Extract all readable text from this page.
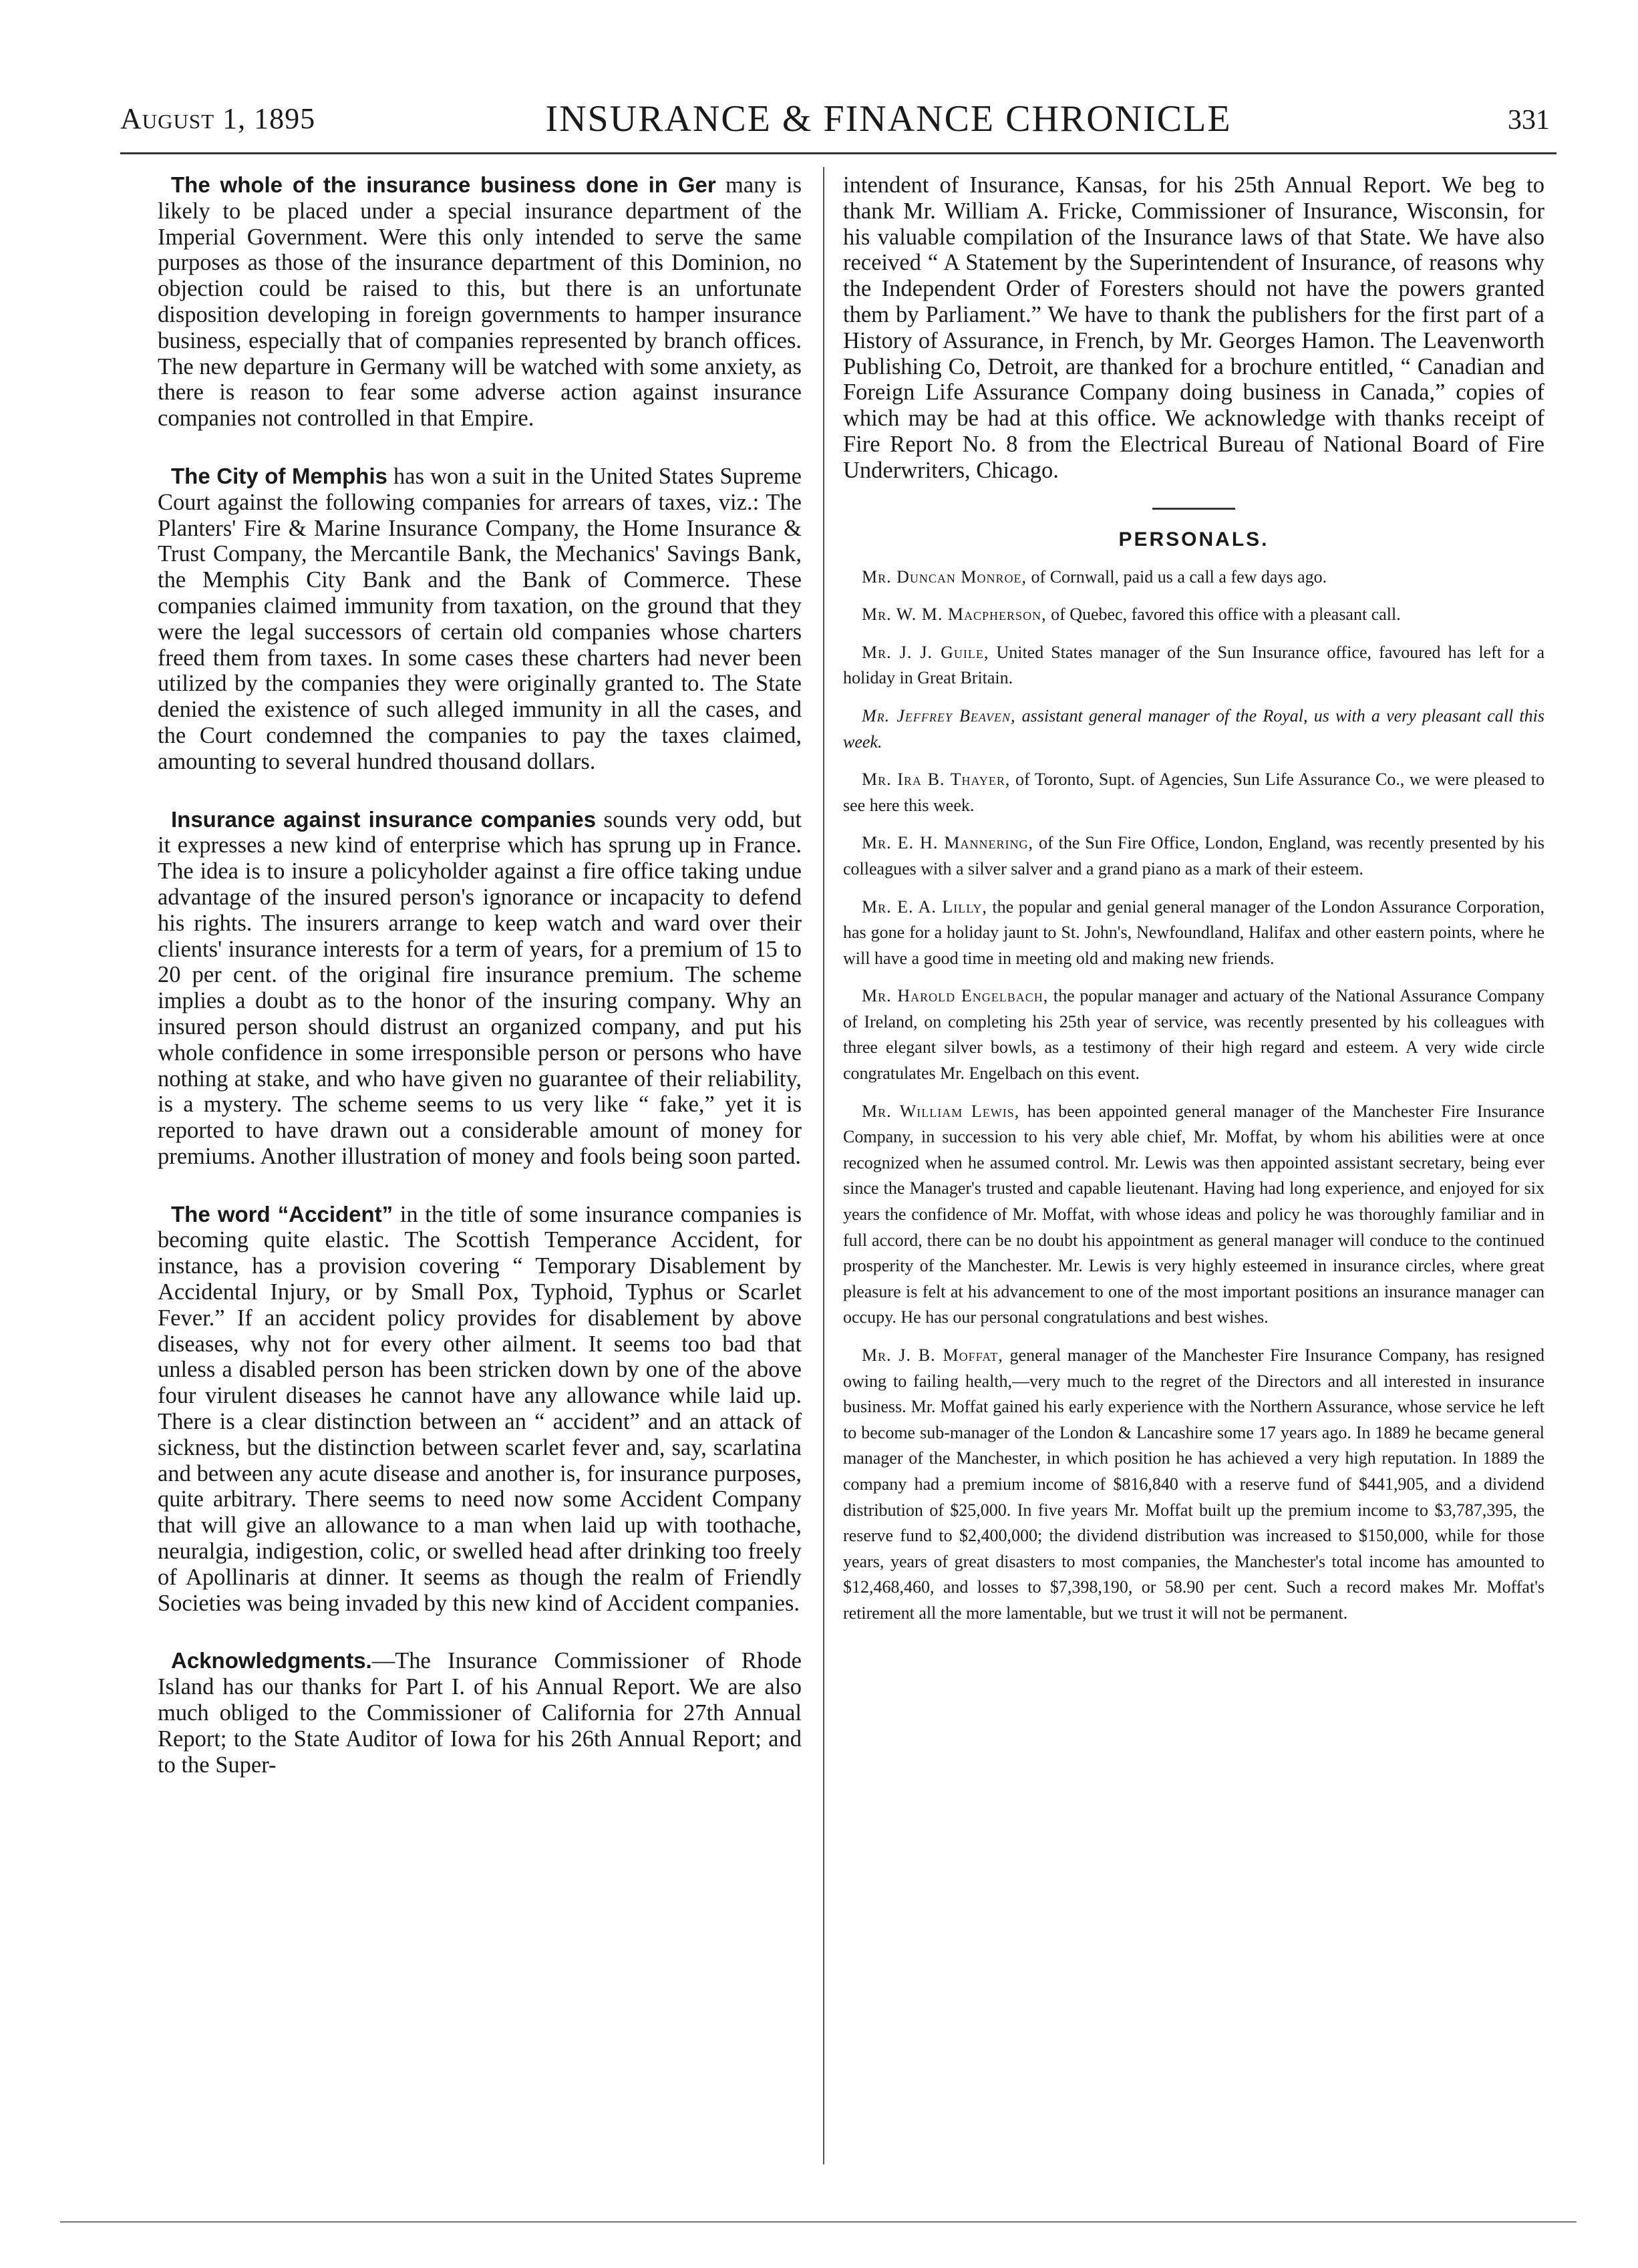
August 1, 1895	INSURANCE & FINANCE CHRONICLE	331

The whole of the insurance business done in Ger many is likely to be placed under a special insurance department of the Imperial Government. Were this only intended to serve the same purposes as those of the insurance department of this Dominion, no objection could be raised to this, but there is an unfortunate disposition developing in foreign governments to hamper insurance business, especially that of companies represented by branch offices. The new departure in Germany will be watched with some anxiety, as there is reason to fear some adverse action against insurance companies not controlled in that Empire.

The City of Memphis has won a suit in the United States Supreme Court against the following companies for arrears of taxes, viz.: The Planters' Fire & Marine Insurance Company, the Home Insurance & Trust Company, the Mercantile Bank, the Mechanics' Savings Bank, the Memphis City Bank and the Bank of Commerce. These companies claimed immunity from taxation, on the ground that they were the legal successors of certain old companies whose charters freed them from taxes. In some cases these charters had never been utilized by the companies they were originally granted to. The State denied the existence of such alleged immunity in all the cases, and the Court condemned the companies to pay the taxes claimed, amounting to several hundred thousand dollars.

Insurance against insurance companies sounds very odd, but it expresses a new kind of enterprise which has sprung up in France. The idea is to insure a policyholder against a fire office taking undue advantage of the insured person's ignorance or incapacity to defend his rights. The insurers arrange to keep watch and ward over their clients' insurance interests for a term of years, for a premium of 15 to 20 per cent. of the original fire insurance premium. The scheme implies a doubt as to the honor of the insuring company. Why an insured person should distrust an organized company, and put his whole confidence in some irresponsible person or persons who have nothing at stake, and who have given no guarantee of their reliability, is a mystery. The scheme seems to us very like “ fake,” yet it is reported to have drawn out a considerable amount of money for premiums. Another illustration of money and fools being soon parted.

The word “Accident” in the title of some insurance companies is becoming quite elastic. The Scottish Temperance Accident, for instance, has a provision covering “ Temporary Disablement by Accidental Injury, or by Small Pox, Typhoid, Typhus or Scarlet Fever.” If an accident policy provides for disablement by above diseases, why not for every other ailment. It seems too bad that unless a disabled person has been stricken down by one of the above four virulent diseases he cannot have any allowance while laid up. There is a clear distinction between an “ accident” and an attack of sickness, but the distinction between scarlet fever and, say, scarlatina and between any acute disease and another is, for insurance purposes, quite arbitrary. There seems to need now some Accident Company that will give an allowance to a man when laid up with toothache, neuralgia, indigestion, colic, or swelled head after drinking too freely of Apollinaris at dinner. It seems as though the realm of Friendly Societies was being invaded by this new kind of Accident companies.

Acknowledgments.—The Insurance Commissioner of Rhode Island has our thanks for Part I. of his Annual Report. We are also much obliged to the Commissioner of California for 27th Annual Report; to the State Auditor of Iowa for his 26th Annual Report; and to the Super-

intendent of Insurance, Kansas, for his 25th Annual Report. We beg to thank Mr. William A. Fricke, Commissioner of Insurance, Wisconsin, for his valuable compilation of the Insurance laws of that State. We have also received “ A Statement by the Superintendent of Insurance, of reasons why the Independent Order of Foresters should not have the powers granted them by Parliament.” We have to thank the publishers for the first part of a History of Assurance, in French, by Mr. Georges Hamon. The Leavenworth Publishing Co, Detroit, are thanked for a brochure entitled, “ Canadian and Foreign Life Assurance Company doing business in Canada,” copies of which may be had at this office. We acknowledge with thanks receipt of Fire Report No. 8 from the Electrical Bureau of National Board of Fire Underwriters, Chicago.

PERSONALS.

Mr. Duncan Monroe, of Cornwall, paid us a call a few days ago.

Mr. W. M. Macpherson, of Quebec, favored this office with a pleasant call.

Mr. J. J. Guile, United States manager of the Sun Insurance office, favoured has left for a holiday in Great Britain.

Mr. Jeffrey Beaven, assistant general manager of the Royal, us with a very pleasant call this week.

Mr. Ira B. Thayer, of Toronto, Supt. of Agencies, Sun Life Assurance Co., we were pleased to see here this week.

Mr. E. H. Mannering, of the Sun Fire Office, London, England, was recently presented by his colleagues with a silver salver and a grand piano as a mark of their esteem.

Mr. E. A. Lilly, the popular and genial general manager of the London Assurance Corporation, has gone for a holiday jaunt to St. John's, Newfoundland, Halifax and other eastern points, where he will have a good time in meeting old and making new friends.

Mr. Harold Engelbach, the popular manager and actuary of the National Assurance Company of Ireland, on completing his 25th year of service, was recently presented by his colleagues with three elegant silver bowls, as a testimony of their high regard and esteem. A very wide circle congratulates Mr. Engelbach on this event.

Mr. William Lewis, has been appointed general manager of the Manchester Fire Insurance Company, in succession to his very able chief, Mr. Moffat, by whom his abilities were at once recognized when he assumed control. Mr. Lewis was then appointed assistant secretary, being ever since the Manager's trusted and capable lieutenant. Having had long experience, and enjoyed for six years the confidence of Mr. Moffat, with whose ideas and policy he was thoroughly familiar and in full accord, there can be no doubt his appointment as general manager will conduce to the continued prosperity of the Manchester. Mr. Lewis is very highly esteemed in insurance circles, where great pleasure is felt at his advancement to one of the most important positions an insurance manager can occupy. He has our personal congratulations and best wishes.

Mr. J. B. Moffat, general manager of the Manchester Fire Insurance Company, has resigned owing to failing health,—very much to the regret of the Directors and all interested in insurance business. Mr. Moffat gained his early experience with the Northern Assurance, whose service he left to become sub-manager of the London & Lancashire some 17 years ago. In 1889 he became general manager of the Manchester, in which position he has achieved a very high reputation. In 1889 the company had a premium income of $816,840 with a reserve fund of $441,905, and a dividend distribution of $25,000. In five years Mr. Moffat built up the premium income to $3,787,395, the reserve fund to $2,400,000; the dividend distribution was increased to $150,000, while for those years, years of great disasters to most companies, the Manchester's total income has amounted to $12,468,460, and losses to $7,398,190, or 58.90 per cent. Such a record makes Mr. Moffat's retirement all the more lamentable, but we trust it will not be permanent.
